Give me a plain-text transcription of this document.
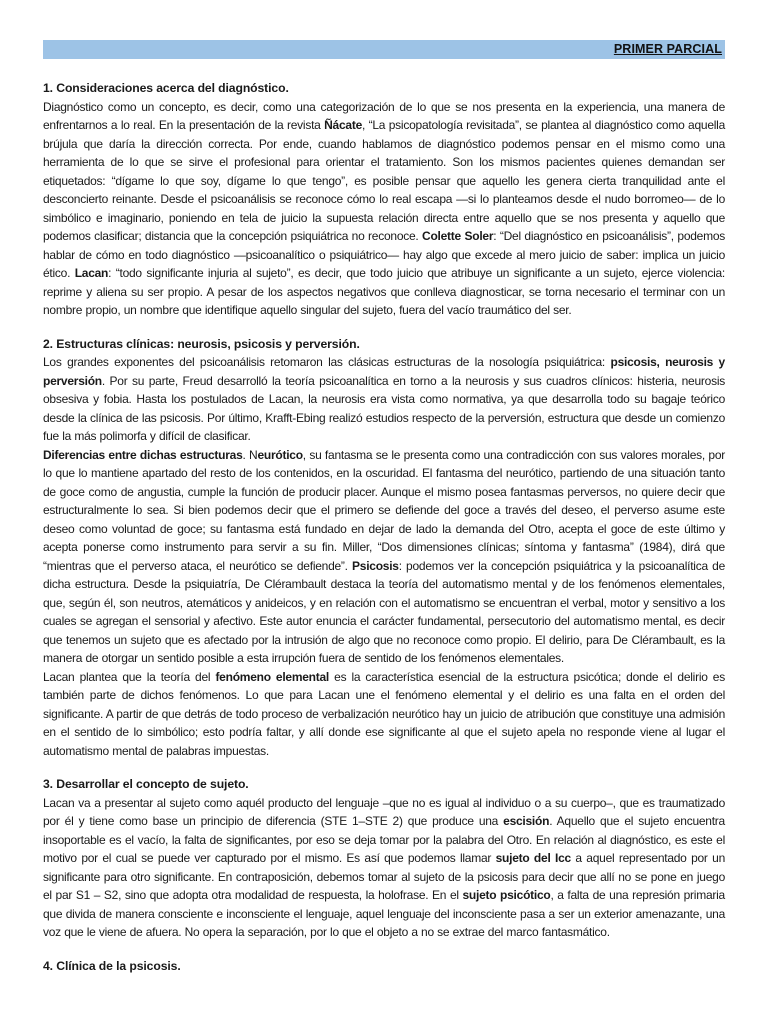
PRIMER PARCIAL
1. Consideraciones acerca del diagnóstico.

Diagnóstico como un concepto, es decir, como una categorización de lo que se nos presenta en la experiencia, una manera de enfrentarnos a lo real. En la presentación de la revista Ñácate, “La psicopatología revisitada”, se plantea al diagnóstico como aquella brújula que daría la dirección correcta. Por ende, cuando hablamos de diagnóstico podemos pensar en el mismo como una herramienta de lo que se sirve el profesional para orientar el tratamiento. Son los mismos pacientes quienes demandan ser etiquetados: “dígame lo que soy, dígame lo que tengo”, es posible pensar que aquello les genera cierta tranquilidad ante el desconcierto reinante. Desde el psicoanálisis se reconoce cómo lo real escapa —si lo planteamos desde el nudo borromeo— de lo simbólico e imaginario, poniendo en tela de juicio la supuesta relación directa entre aquello que se nos presenta y aquello que podemos clasificar; distancia que la concepción psiquiátrica no reconoce. Colette Soler: “Del diagnóstico en psicoanálisis”, podemos hablar de cómo en todo diagnóstico —psicoanalítico o psiquiátrico— hay algo que excede al mero juicio de saber: implica un juicio ético. Lacan: “todo significante injuria al sujeto”, es decir, que todo juicio que atribuye un significante a un sujeto, ejerce violencia: reprime y aliena su ser propio. A pesar de los aspectos negativos que conlleva diagnosticar, se torna necesario el terminar con un nombre propio, un nombre que identifique aquello singular del sujeto, fuera del vacío traumático del ser.

2. Estructuras clínicas: neurosis, psicosis y perversión.

Los grandes exponentes del psicoanálisis retomaron las clásicas estructuras de la nosología psiquiátrica: psicosis, neurosis y perversión. Por su parte, Freud desarrolló la teoría psicoanalítica en torno a la neurosis y sus cuadros clínicos: histeria, neurosis obsesiva y fobia. Hasta los postulados de Lacan, la neurosis era vista como normativa, ya que desarrolla todo su bagaje teórico desde la clínica de las psicosis. Por último, Krafft-Ebing realizó estudios respecto de la perversión, estructura que desde un comienzo fue la más polimorfa y difícil de clasificar.

Diferencias entre dichas estructuras. Neurótico, su fantasma se le presenta como una contradicción con sus valores morales, por lo que lo mantiene apartado del resto de los contenidos, en la oscuridad. El fantasma del neurótico, partiendo de una situación tanto de goce como de angustia, cumple la función de producir placer. Aunque el mismo posea fantasmas perversos, no quiere decir que estructuralmente lo sea. Si bien podemos decir que el primero se defiende del goce a través del deseo, el perverso asume este deseo como voluntad de goce; su fantasma está fundado en dejar de lado la demanda del Otro, acepta el goce de este último y acepta ponerse como instrumento para servir a su fin. Miller, “Dos dimensiones clínicas; síntoma y fantasma” (1984), dirá que “mientras que el perverso ataca, el neurótico se defiende”. Psicosis: podemos ver la concepción psiquiátrica y la psicoanalítica de dicha estructura. Desde la psiquiatría, De Clérambault destaca la teoría del automatismo mental y de los fenómenos elementales, que, según él, son neutros, atemáticos y anideicos, y en relación con el automatismo se encuentran el verbal, motor y sensitivo a los cuales se agregan el sensorial y afectivo. Este autor enuncia el carácter fundamental, persecutorio del automatismo mental, es decir que tenemos un sujeto que es afectado por la intrusión de algo que no reconoce como propio. El delirio, para De Clérambault, es la manera de otorgar un sentido posible a esta irrupción fuera de sentido de los fenómenos elementales.

Lacan plantea que la teoría del fenómeno elemental es la característica esencial de la estructura psicótica; donde el delirio es también parte de dichos fenómenos. Lo que para Lacan une el fenómeno elemental y el delirio es una falta en el orden del significante. A partir de que detrás de todo proceso de verbalización neurótico hay un juicio de atribución que constituye una admisión en el sentido de lo simbólico; esto podría faltar, y allí donde ese significante al que el sujeto apela no responde viene al lugar el automatismo mental de palabras impuestas.

3. Desarrollar el concepto de sujeto.

Lacan va a presentar al sujeto como aquél producto del lenguaje –que no es igual al individuo o a su cuerpo–, que es traumatizado por él y tiene como base un principio de diferencia (STE 1–STE 2) que produce una escisión. Aquello que el sujeto encuentra insoportable es el vacío, la falta de significantes, por eso se deja tomar por la palabra del Otro. En relación al diagnóstico, es este el motivo por el cual se puede ver capturado por el mismo. Es así que podemos llamar sujeto del Icc a aquel representado por un significante para otro significante. En contraposición, debemos tomar al sujeto de la psicosis para decir que allí no se pone en juego el par S1 – S2, sino que adopta otra modalidad de respuesta, la holofrase. En el sujeto psicótico, a falta de una represión primaria que divida de manera consciente e inconsciente el lenguaje, aquel lenguaje del inconsciente pasa a ser un exterior amenazante, una voz que le viene de afuera. No opera la separación, por lo que el objeto a no se extrae del marco fantasmático.

4. Clínica de la psicosis.
